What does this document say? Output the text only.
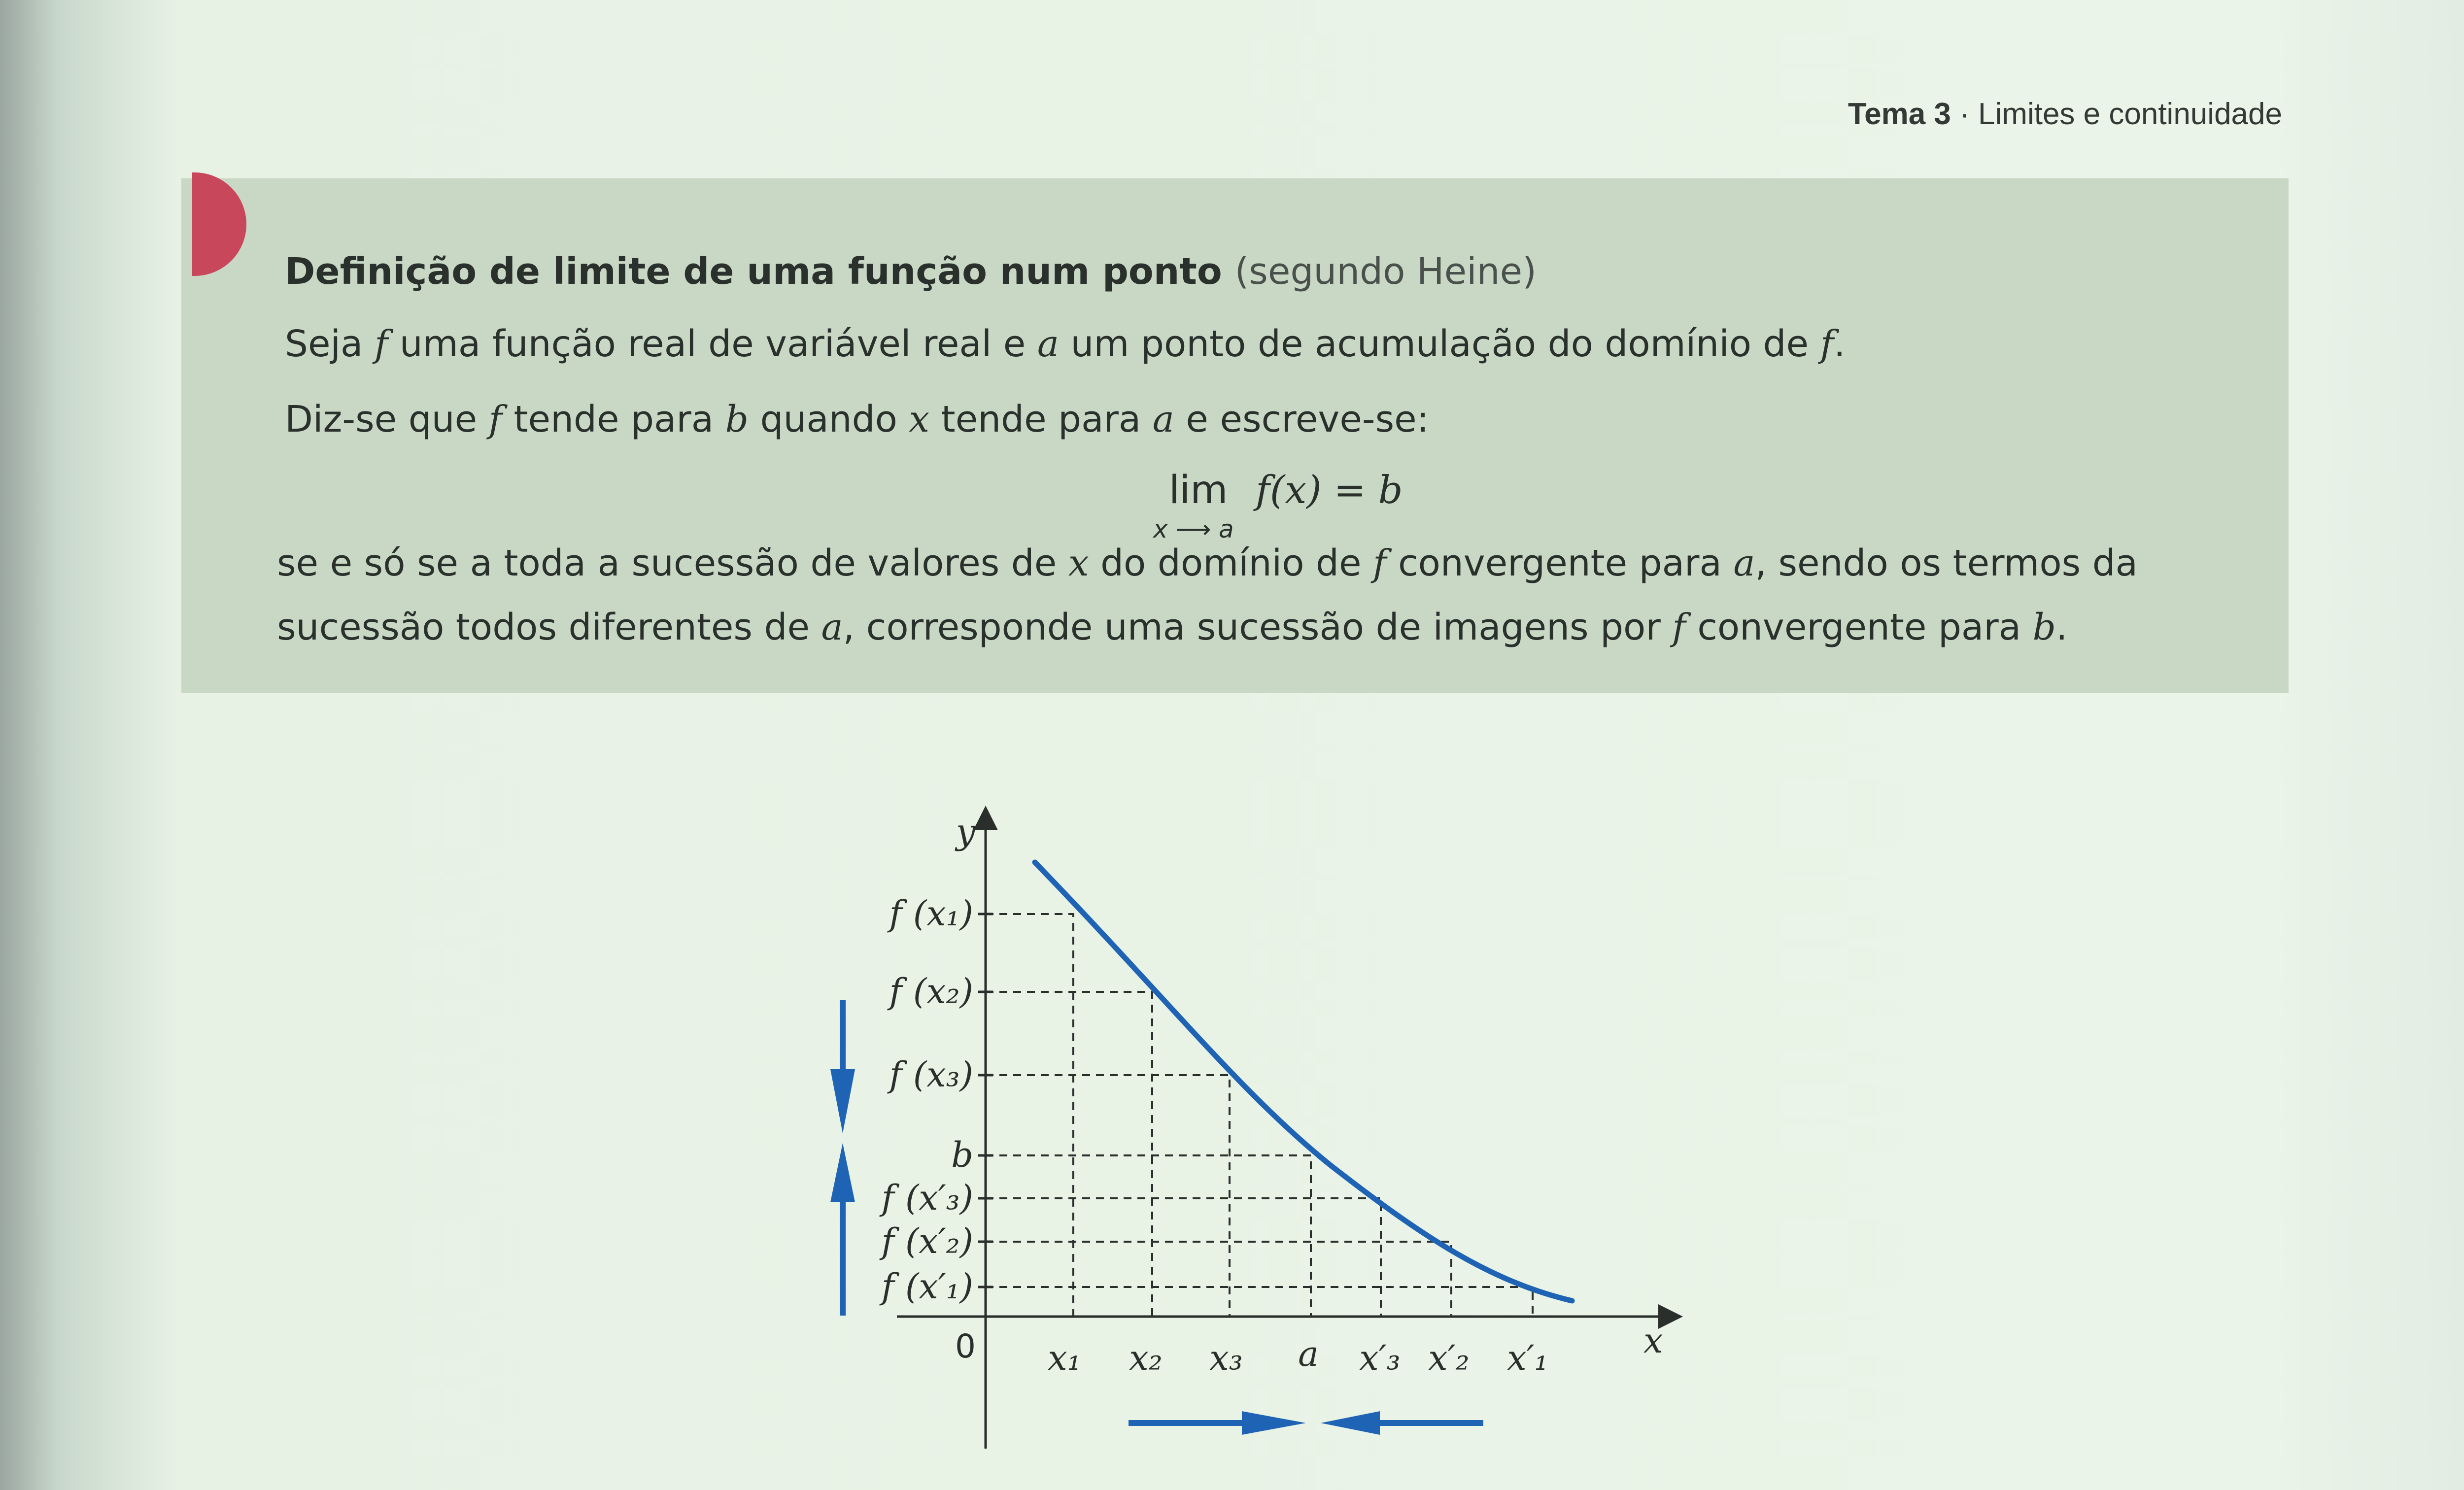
Tema 3 · Limites e continuidade
Definição de limite de uma função num ponto (segundo Heine)
Seja f uma função real de variável real e a um ponto de acumulação do domínio de f.
Diz-se que f tende para b quando x tende para a e escreve-se:
lim
x ⟶ a
f(x) = b
se e só se a toda a sucessão de valores de x do domínio de f convergente para a, sendo os termos da
sucessão todos diferentes de a, corresponde uma sucessão de imagens por f convergente para b.
y
x
0
f (x₁)
f (x₂)
f (x₃)
b
f (x′₃)
f (x′₂)
f (x′₁)
x₁ x₂ x₃ a x′₃ x′₂ x′₁
